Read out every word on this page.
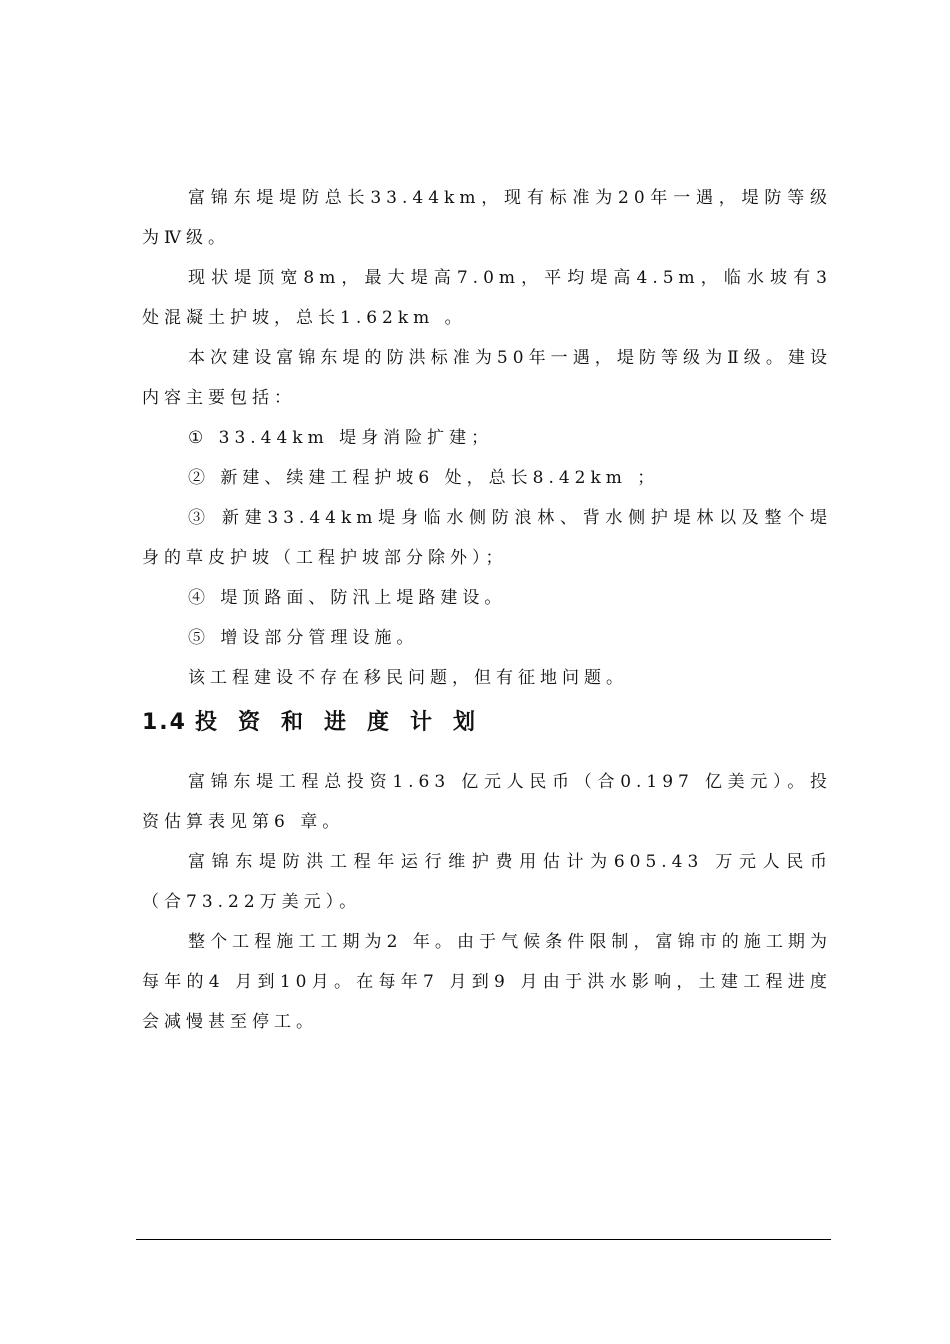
富锦东堤堤防总长33.44km，现有标准为20年一遇，堤防等级为Ⅳ级。

现状堤顶宽8m，最大堤高7.0m，平均堤高4.5m，临水坡有3 处混凝土护坡，总长1.62km 。

本次建设富锦东堤的防洪标准为50年一遇，堤防等级为Ⅱ级。建设内容主要包括：

① 33.44km 堤身消险扩建；

② 新建、续建工程护坡6 处，总长8.42km ；

③ 新建33.44km堤身临水侧防浪林、背水侧护堤林以及整个堤身的草皮护坡（工程护坡部分除外）；

④ 堤顶路面、防汛上堤路建设。

⑤ 增设部分管理设施。

该工程建设不存在移民问题，但有征地问题。

1.4 投资和进度计划

富锦东堤工程总投资1.63 亿元人民币（合0.197 亿美元）。投资估算表见第6 章。

富锦东堤防洪工程年运行维护费用估计为605.43 万元人民币（合73.22万美元）。

整个工程施工工期为2 年。由于气候条件限制，富锦市的施工期为每年的4 月到10月。在每年7 月到9 月由于洪水影响，土建工程进度会减慢甚至停工。
